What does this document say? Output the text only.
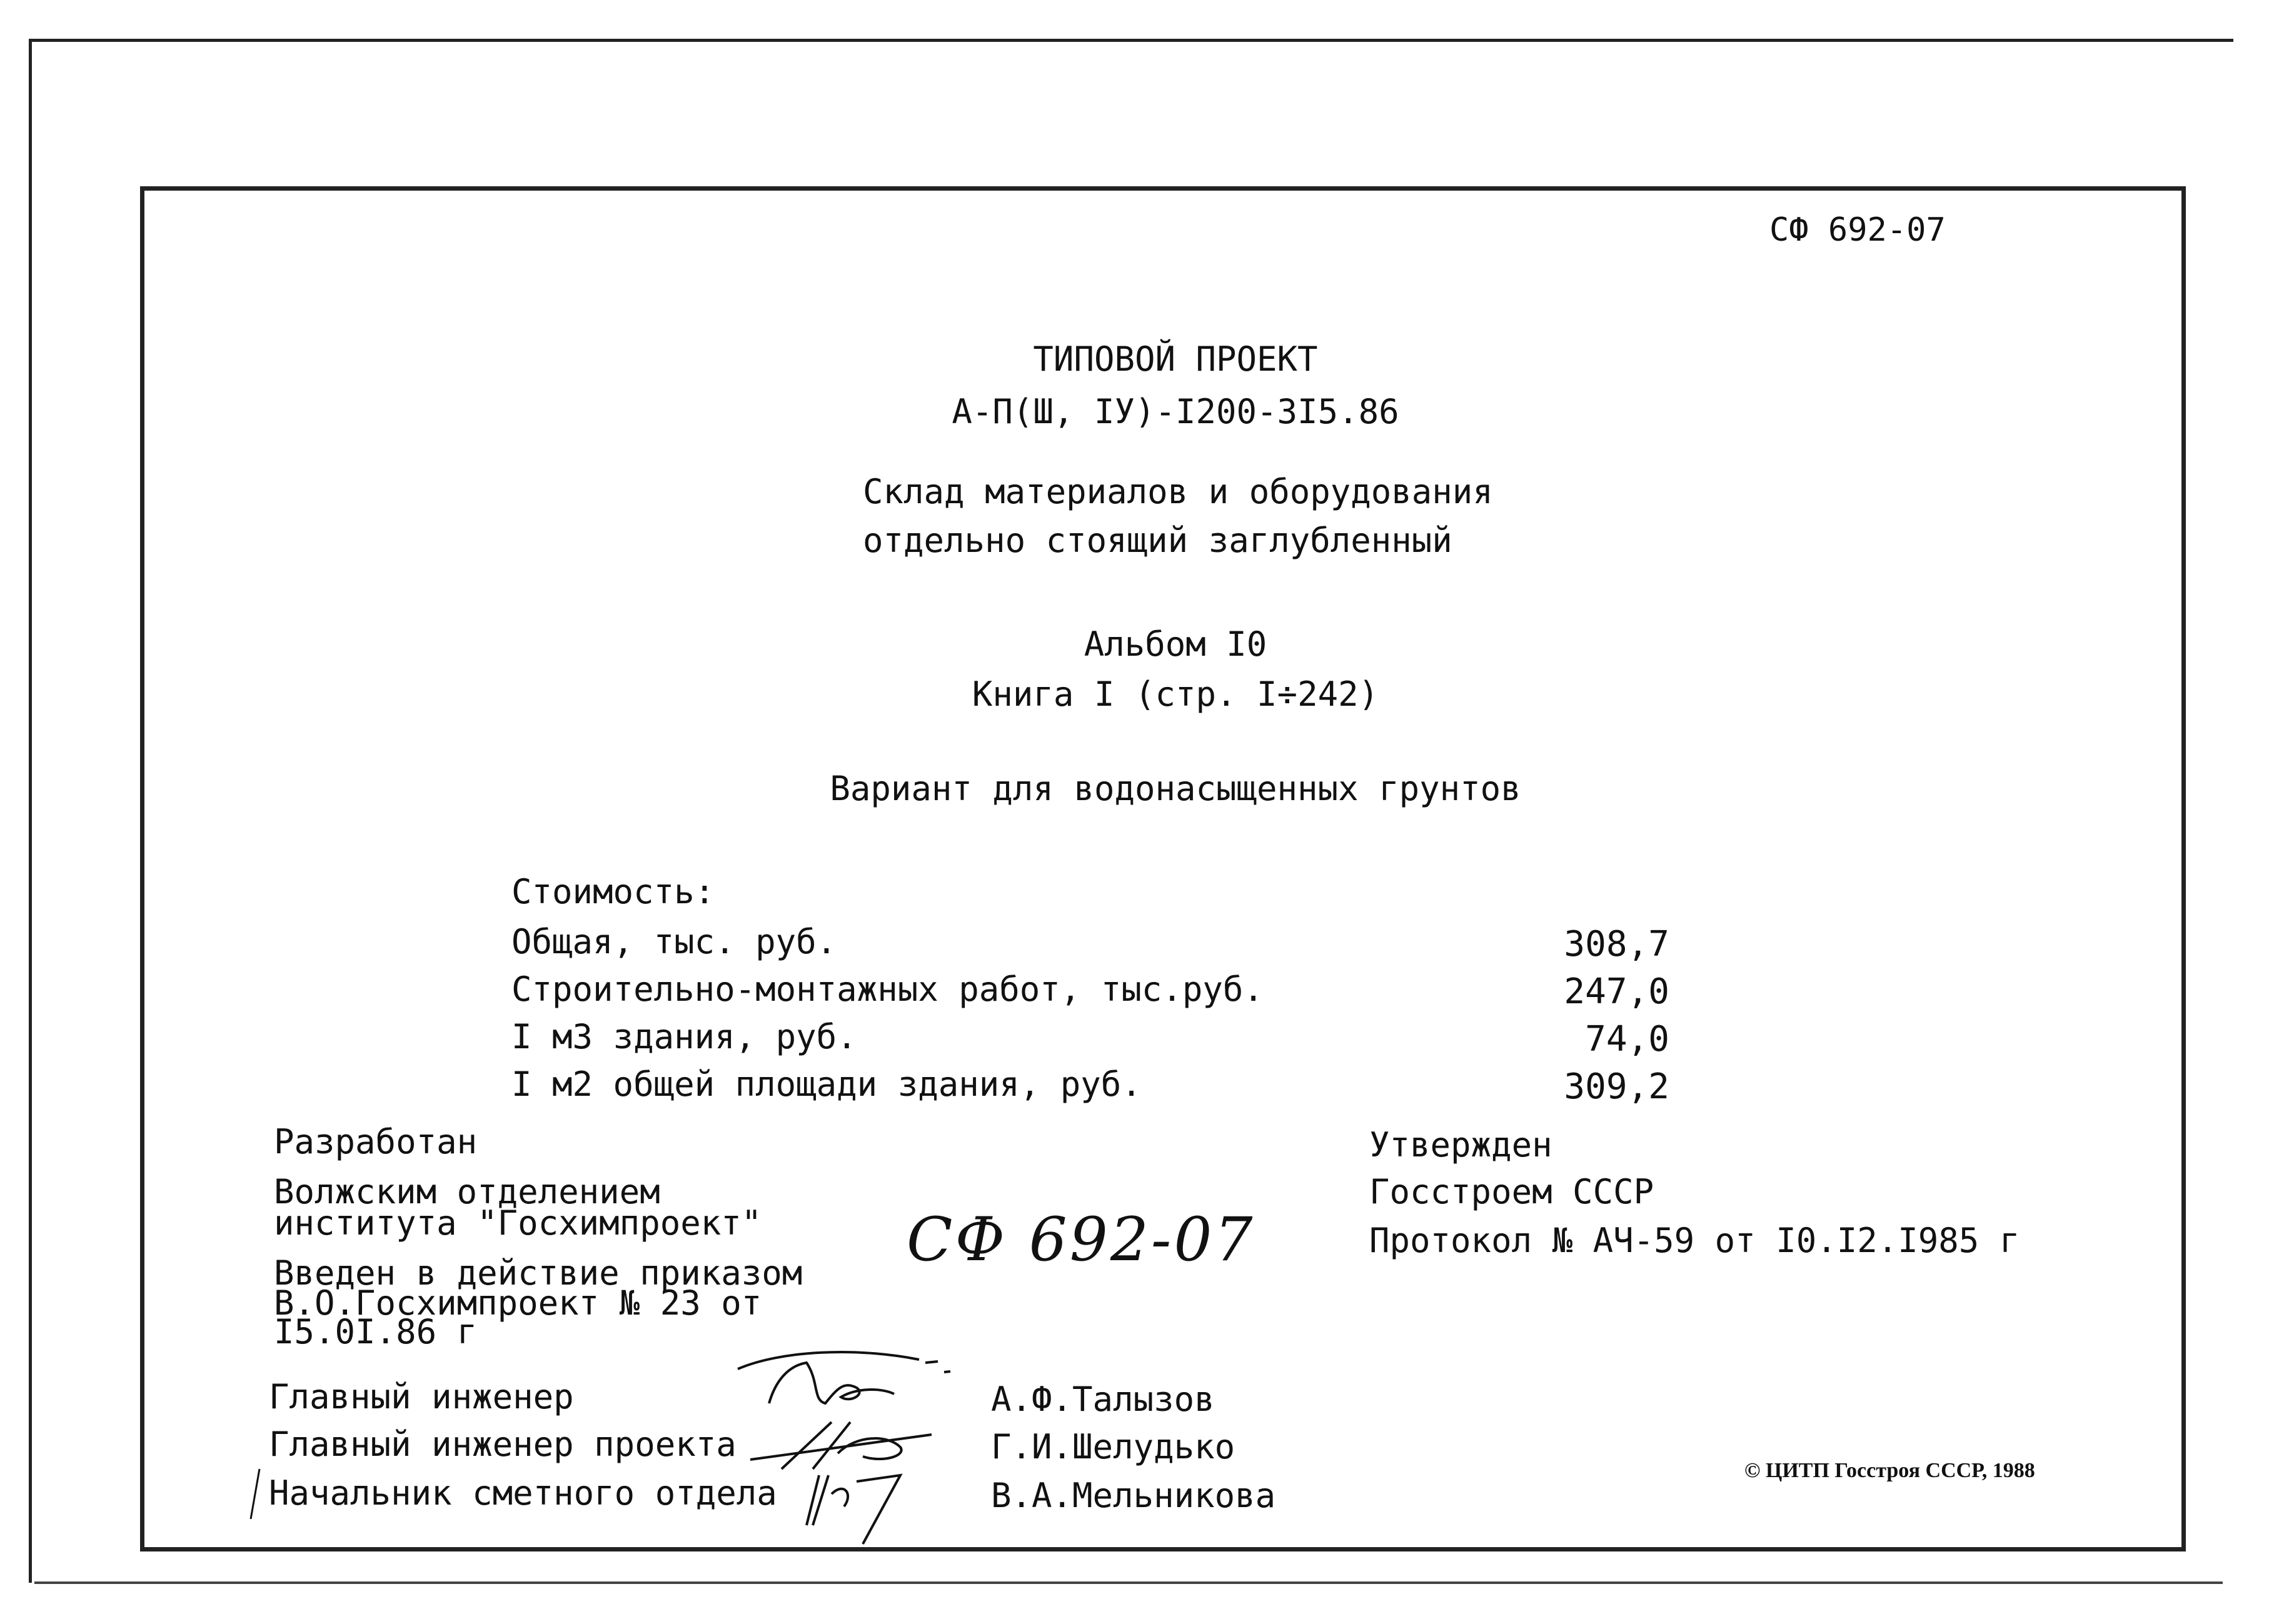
СФ 692-07
ТИПОВОЙ ПРОЕКТ
А-П(Ш, IУ)-I200-3I5.86
Склад материалов и оборудования
отдельно стоящий заглубленный
Альбом I0
Книга I (стр. I÷242)
Вариант для водонасыщенных грунтов
Стоимость:
Общая, тыс. руб.	308,7
Строительно-монтажных работ, тыс.руб.	247,0
I м3 здания, руб.	74,0
I м2 общей площади здания, руб.	309,2
Разработан
Волжским отделением
института "Госхимпроект"
Введен в действие приказом
В.О.Госхимпроект № 23 от
I5.0I.86 г
Утвержден
Госстроем СССР
Протокол № АЧ-59 от I0.I2.I985 г
СФ 692-07
Главный инженер	А.Ф.Талызов
Главный инженер проекта	Г.И.Шелудько
Начальник сметного отдела	В.А.Мельникова
© ЦИТП Госстроя СССР, 1988
